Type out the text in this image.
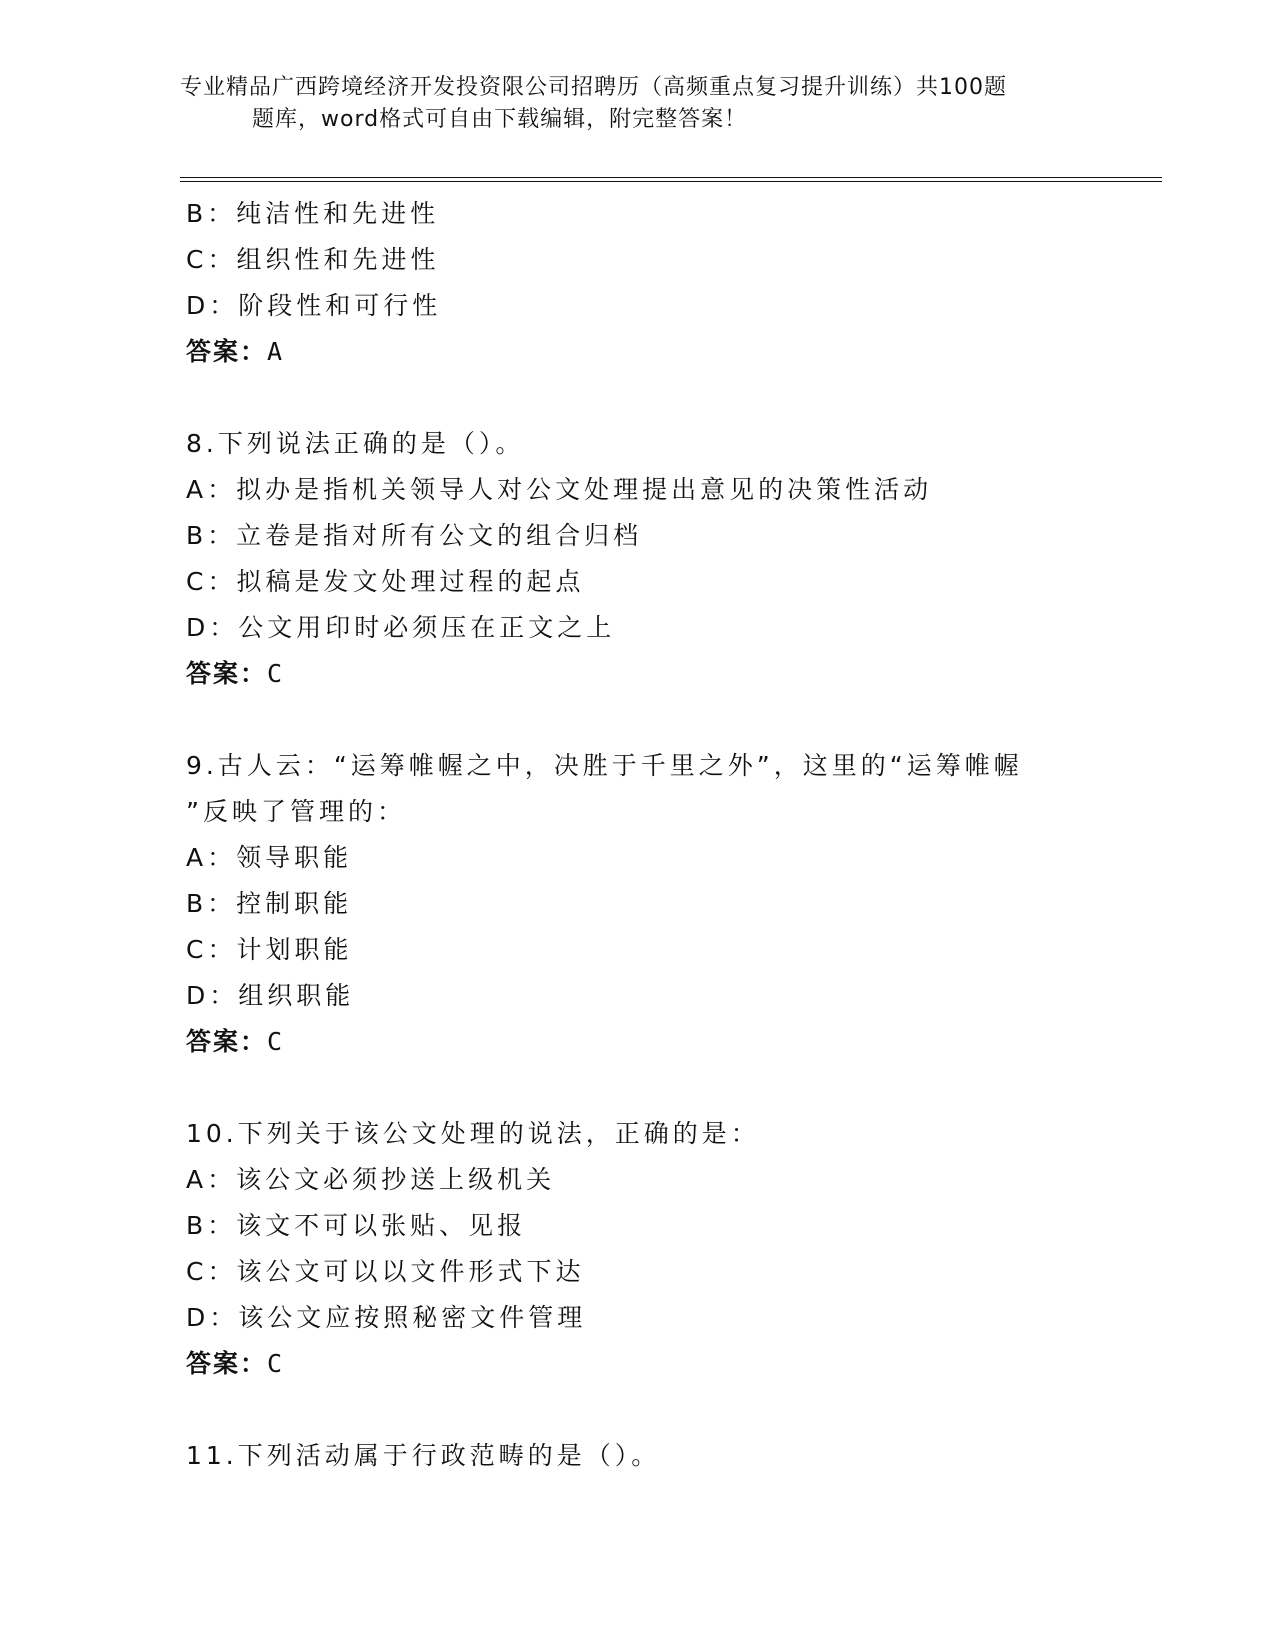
专业精品广西跨境经济开发投资限公司招聘历（高频重点复习提升训练）共100题
题库，word格式可自由下载编辑，附完整答案！
B：纯洁性和先进性
C：组织性和先进性
D：阶段性和可行性
答案：A
8.下列说法正确的是（）。
A：拟办是指机关领导人对公文处理提出意见的决策性活动
B：立卷是指对所有公文的组合归档
C：拟稿是发文处理过程的起点
D：公文用印时必须压在正文之上
答案：C
9.古人云：“运筹帷幄之中，决胜于千里之外”，这里的“运筹帷幄
”反映了管理的：
A：领导职能
B：控制职能
C：计划职能
D：组织职能
答案：C
10.下列关于该公文处理的说法，正确的是：
A：该公文必须抄送上级机关
B：该文不可以张贴、见报
C：该公文可以以文件形式下达
D：该公文应按照秘密文件管理
答案：C
11.下列活动属于行政范畴的是（）。
